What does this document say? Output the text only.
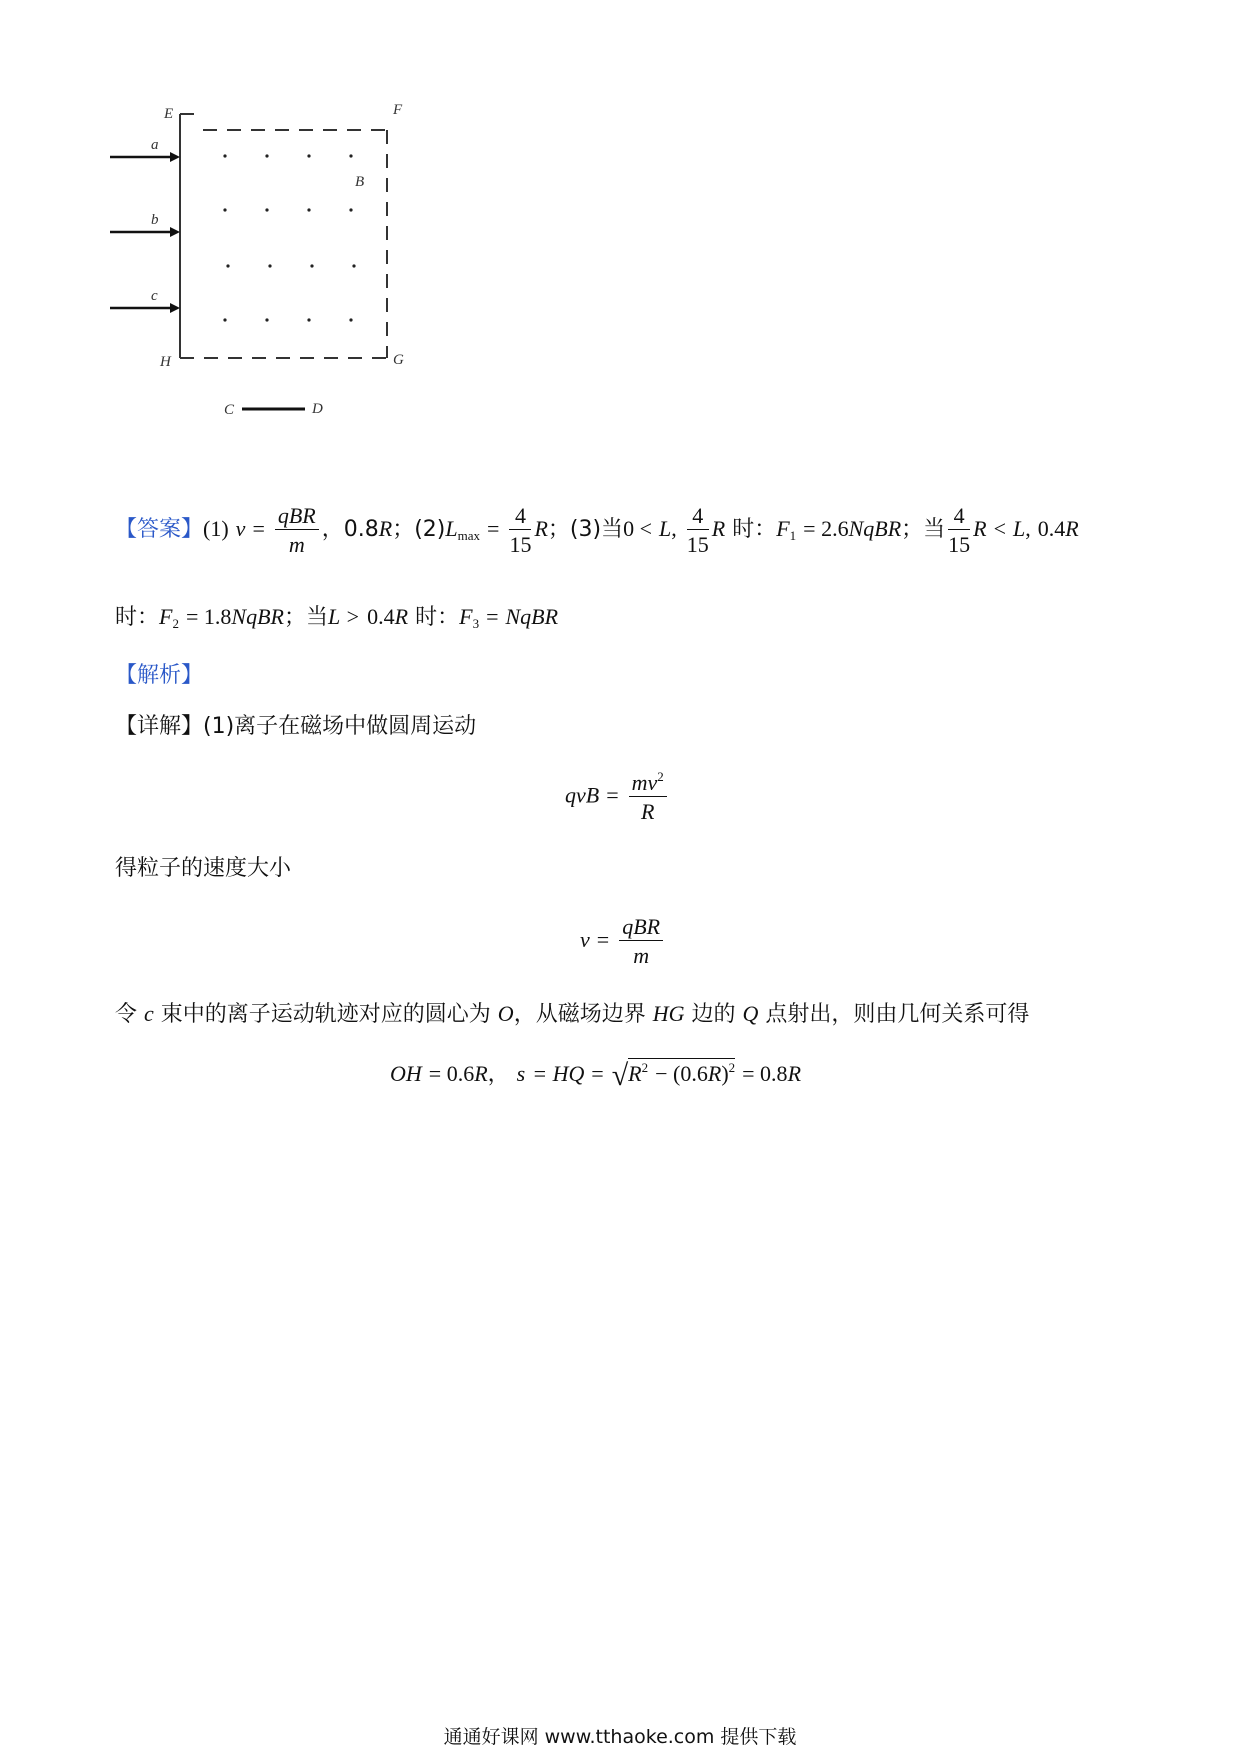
E	F
G
H
a
b
c
B
C	D
【答案】(1) $v = \frac{\text{qBR}}{m}$ ，0.8R；$(2)L_{max} = \frac{4}{15}$ R；(3)当0 < L, $\frac{4}{15}$ R 时：$F_1$ = 2.6NqBR；当 $\frac{4}{15}$ R < L, 0.4R
时：$F_2$ = 1.8NqBR；当L > 0.4R 时：$F_3$ = NqBR
【解析】
【详解】(1)离子在磁场中做圆周运动
qvB = $\frac{mv^2}{R}$
得粒子的速度大小
$v = \frac{\text{qBR}}{m}$
令 c 束中的离子运动轨迹对应的圆心为 O，从磁场边界 HG 边的 Q 点射出，则由几何关系可得
OH = 0.6R， s = HQ = $√R^2 - (0.6R)^2 = 0.8R$
通通好课网 www.tthaoke.com 提供下载
